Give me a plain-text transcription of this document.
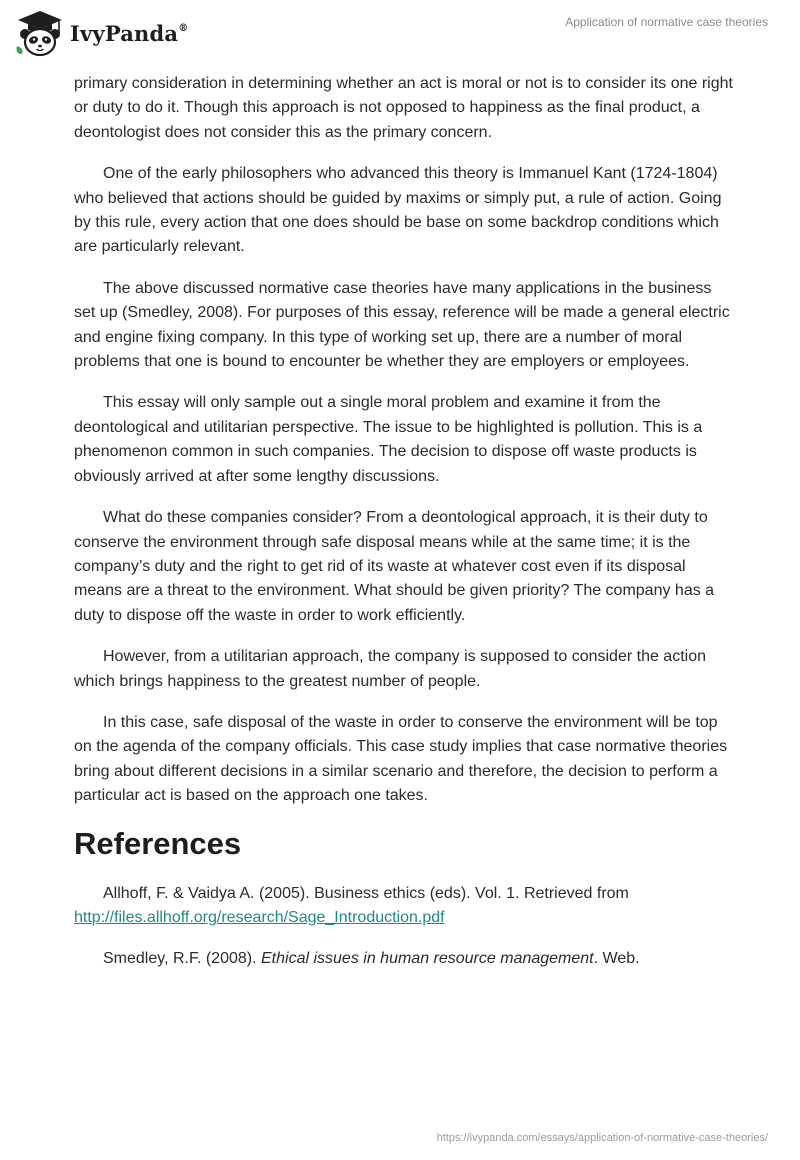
IvyPanda®	Application of normative case theories

primary consideration in determining whether an act is moral or not is to consider its one right or duty to do it. Though this approach is not opposed to happiness as the final product, a deontologist does not consider this as the primary concern.

One of the early philosophers who advanced this theory is Immanuel Kant (1724-1804) who believed that actions should be guided by maxims or simply put, a rule of action. Going by this rule, every action that one does should be base on some backdrop conditions which are particularly relevant.

The above discussed normative case theories have many applications in the business set up (Smedley, 2008). For purposes of this essay, reference will be made a general electric and engine fixing company. In this type of working set up, there are a number of moral problems that one is bound to encounter be whether they are employers or employees.

This essay will only sample out a single moral problem and examine it from the deontological and utilitarian perspective. The issue to be highlighted is pollution. This is a phenomenon common in such companies. The decision to dispose off waste products is obviously arrived at after some lengthy discussions.

What do these companies consider? From a deontological approach, it is their duty to conserve the environment through safe disposal means while at the same time; it is the company’s duty and the right to get rid of its waste at whatever cost even if its disposal means are a threat to the environment. What should be given priority? The company has a duty to dispose off the waste in order to work efficiently.

However, from a utilitarian approach, the company is supposed to consider the action which brings happiness to the greatest number of people.

In this case, safe disposal of the waste in order to conserve the environment will be top on the agenda of the company officials. This case study implies that case normative theories bring about different decisions in a similar scenario and therefore, the decision to perform a particular act is based on the approach one takes.

References

Allhoff, F. & Vaidya A. (2005). Business ethics (eds). Vol. 1. Retrieved from http://files.allhoff.org/research/Sage_Introduction.pdf

Smedley, R.F. (2008). Ethical issues in human resource management. Web.

https://ivypanda.com/essays/application-of-normative-case-theories/
